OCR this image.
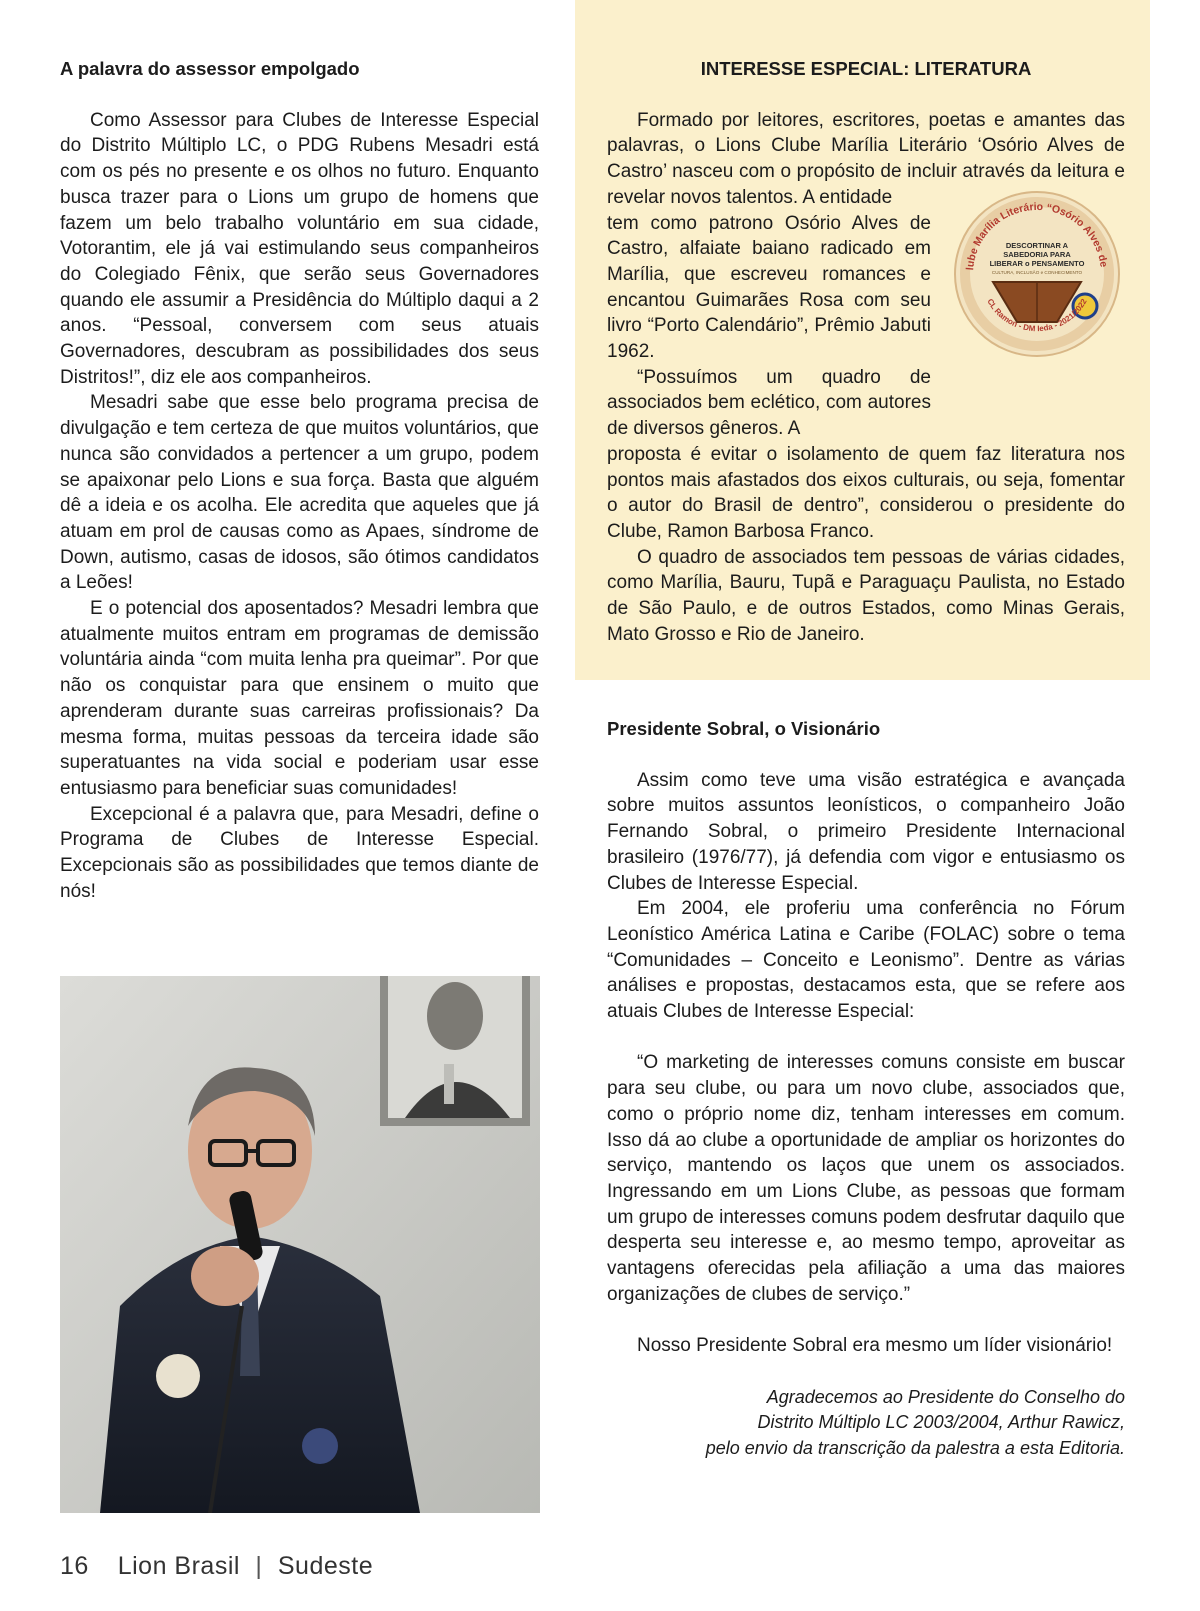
A palavra do assessor empolgado

Como Assessor para Clubes de Interesse Especial do Distrito Múltiplo LC, o PDG Rubens Mesadri está com os pés no presente e os olhos no futuro. Enquanto busca trazer para o Lions um grupo de homens que fazem um belo trabalho voluntário em sua cidade, Votorantim, ele já vai estimulando seus companheiros do Colegiado Fênix, que serão seus Governadores quando ele assumir a Presidência do Múltiplo daqui a 2 anos. “Pessoal, conversem com seus atuais Governadores, descubram as possibilidades dos seus Distritos!”, diz ele aos companheiros.

Mesadri sabe que esse belo programa precisa de divulgação e tem certeza de que muitos voluntários, que nunca são convidados a pertencer a um grupo, podem se apaixonar pelo Lions e sua força. Basta que alguém dê a ideia e os acolha. Ele acredita que aqueles que já atuam em prol de causas como as Apaes, síndrome de Down, autismo, casas de idosos, são ótimos candidatos a Leões!

E o potencial dos aposentados? Mesadri lembra que atualmente muitos entram em programas de demissão voluntária ainda “com muita lenha pra queimar”. Por que não os conquistar para que ensinem o muito que aprenderam durante suas carreiras profissionais? Da mesma forma, muitas pessoas da terceira idade são superatuantes na vida social e poderiam usar esse entusiasmo para beneficiar suas comunidades!

Excepcional é a palavra que, para Mesadri, define o Programa de Clubes de Interesse Especial. Excepcionais são as possibilidades que temos diante de nós!

INTERESSE ESPECIAL: LITERATURA

Formado por leitores, escritores, poetas e amantes das palavras, o Lions Clube Marília Literário ‘Osório Alves de Castro’ nasceu com o propósito de incluir através da leitura e revelar novos talentos. A entidade

tem como patrono Osório Alves de Castro, alfaiate baiano radicado em Marília, que escreveu romances e encantou Guimarães Rosa com seu livro “Porto Calendário”, Prêmio Jabuti 1962.

“Possuímos um quadro de associados bem eclético, com autores de diversos gêneros. A

proposta é evitar o isolamento de quem faz literatura nos pontos mais afastados dos eixos culturais, ou seja, fomentar o autor do Brasil de dentro”, considerou o presidente do Clube, Ramon Barbosa Franco.

O quadro de associados tem pessoas de várias cidades, como Marília, Bauru, Tupã e Paraguaçu Paulista, no Estado de São Paulo, e de outros Estados, como Minas Gerais, Mato Grosso e Rio de Janeiro.

lube Marília Literário “Osório Alves de
DESCORTINAR A
SABEDORIA PARA
LIBERAR o PENSAMENTO
CULTURA, INCLUSÃO e CONHECIMENTO
CL Ramon - DM Ieda - 2021/2022
Presidente Sobral, o Visionário

Assim como teve uma visão estratégica e avançada sobre muitos assuntos leonísticos, o companheiro João Fernando Sobral, o primeiro Presidente Internacional brasileiro (1976/77), já defendia com vigor e entusiasmo os Clubes de Interesse Especial.

Em 2004, ele proferiu uma conferência no Fórum Leonístico América Latina e Caribe (FOLAC) sobre o tema “Comunidades – Conceito e Leonismo”. Dentre as várias análises e propostas, destacamos esta, que se refere aos atuais Clubes de Interesse Especial:

“O marketing de interesses comuns consiste em buscar para seu clube, ou para um novo clube, associados que, como o próprio nome diz, tenham interesses em comum. Isso dá ao clube a oportunidade de ampliar os horizontes do serviço, mantendo os laços que unem os associados. Ingressando em um Lions Clube, as pessoas que formam um grupo de interesses comuns podem desfrutar daquilo que desperta seu interesse e, ao mesmo tempo, aproveitar as vantagens oferecidas pela afiliação a uma das maiores organizações de clubes de serviço.”

Nosso Presidente Sobral era mesmo um líder visionário!

Agradecemos ao Presidente do Conselho do
Distrito Múltiplo LC 2003/2004, Arthur Rawicz,
pelo envio da transcrição da palestra a esta Editoria.
16 Lion Brasil | Sudeste
